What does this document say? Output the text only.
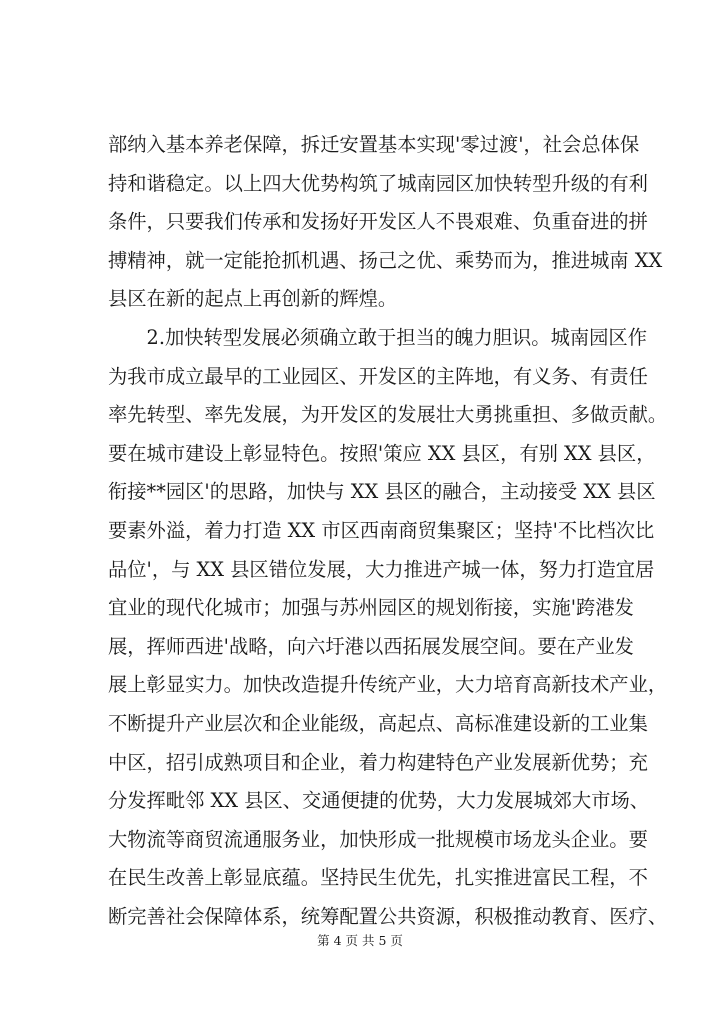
部纳入基本养老保障，拆迁安置基本实现'零过渡'，社会总体保
持和谐稳定。以上四大优势构筑了城南园区加快转型升级的有利
条件，只要我们传承和发扬好开发区人不畏艰难、负重奋进的拼
搏精神，就一定能抢抓机遇、扬己之优、乘势而为，推进城南 XX
县区在新的起点上再创新的辉煌。
　　2.加快转型发展必须确立敢于担当的魄力胆识。城南园区作
为我市成立最早的工业园区、开发区的主阵地，有义务、有责任
率先转型、率先发展，为开发区的发展壮大勇挑重担、多做贡献。
要在城市建设上彰显特色。按照'策应 XX 县区，有别 XX 县区，
衔接**园区'的思路，加快与 XX 县区的融合，主动接受 XX 县区
要素外溢，着力打造 XX 市区西南商贸集聚区；坚持'不比档次比
品位'，与 XX 县区错位发展，大力推进产城一体，努力打造宜居
宜业的现代化城市；加强与苏州园区的规划衔接，实施'跨港发
展，挥师西进'战略，向六圩港以西拓展发展空间。要在产业发
展上彰显实力。加快改造提升传统产业，大力培育高新技术产业，
不断提升产业层次和企业能级，高起点、高标准建设新的工业集
中区，招引成熟项目和企业，着力构建特色产业发展新优势；充
分发挥毗邻 XX 县区、交通便捷的优势，大力发展城郊大市场、
大物流等商贸流通服务业，加快形成一批规模市场龙头企业。要
在民生改善上彰显底蕴。坚持民生优先，扎实推进富民工程，不
断完善社会保障体系，统筹配置公共资源，积极推动教育、医疗、
第 4 页 共 5 页
